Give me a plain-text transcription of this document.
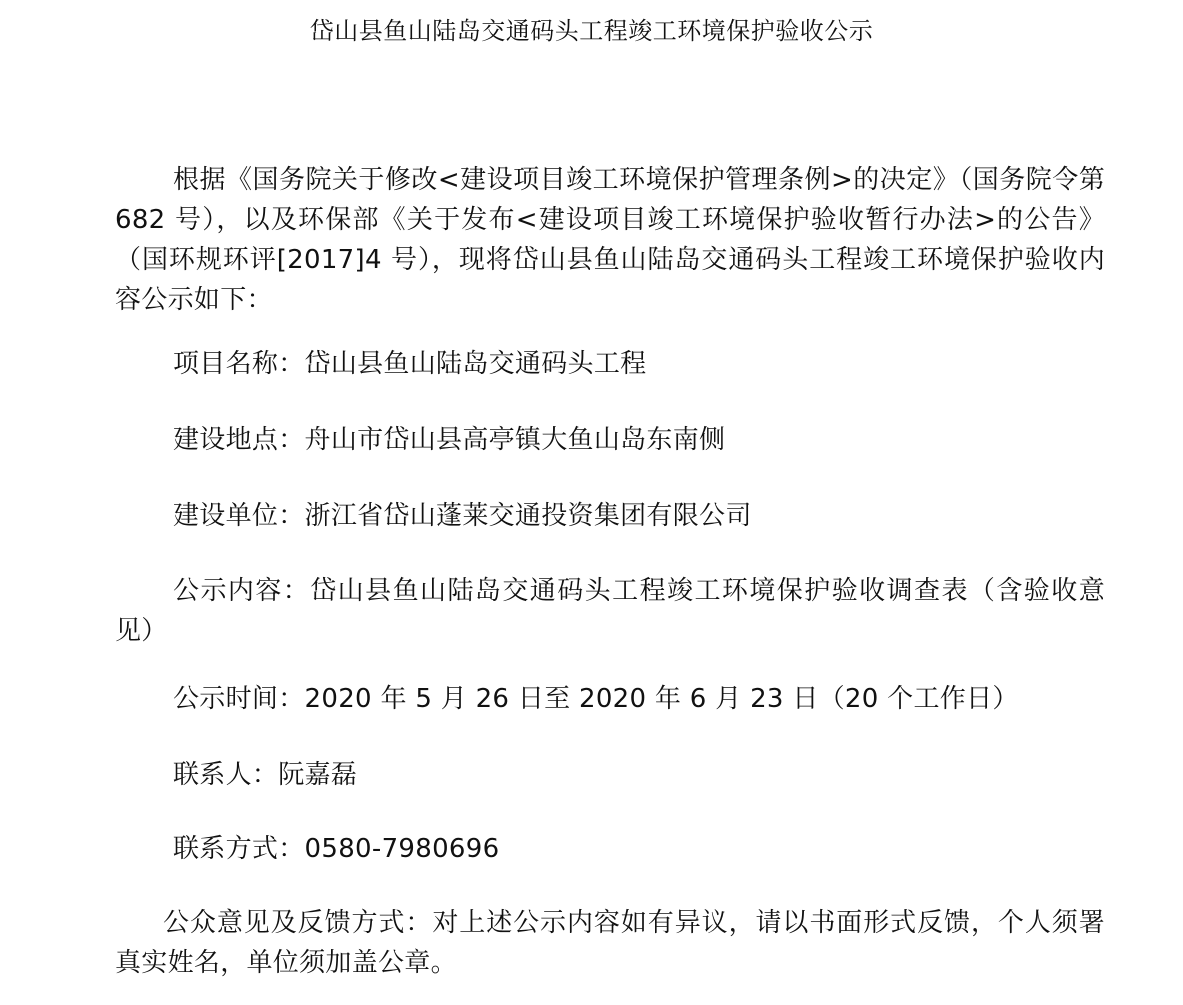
岱山县鱼山陆岛交通码头工程竣工环境保护验收公示

根据《国务院关于修改<建设项目竣工环境保护管理条例>的决定》（国务院令第 682 号），以及环保部《关于发布<建设项目竣工环境保护验收暂行办法>的公告》（国环规环评[2017]4 号），现将岱山县鱼山陆岛交通码头工程竣工环境保护验收内容公示如下：

项目名称：岱山县鱼山陆岛交通码头工程

建设地点：舟山市岱山县高亭镇大鱼山岛东南侧

建设单位：浙江省岱山蓬莱交通投资集团有限公司

公示内容：岱山县鱼山陆岛交通码头工程竣工环境保护验收调查表（含验收意见）

公示时间：2020 年 5 月 26 日至 2020 年 6 月 23 日（20 个工作日）

联系人：阮嘉磊

联系方式：0580-7980696

公众意见及反馈方式：对上述公示内容如有异议，请以书面形式反馈，个人须署真实姓名，单位须加盖公章。
